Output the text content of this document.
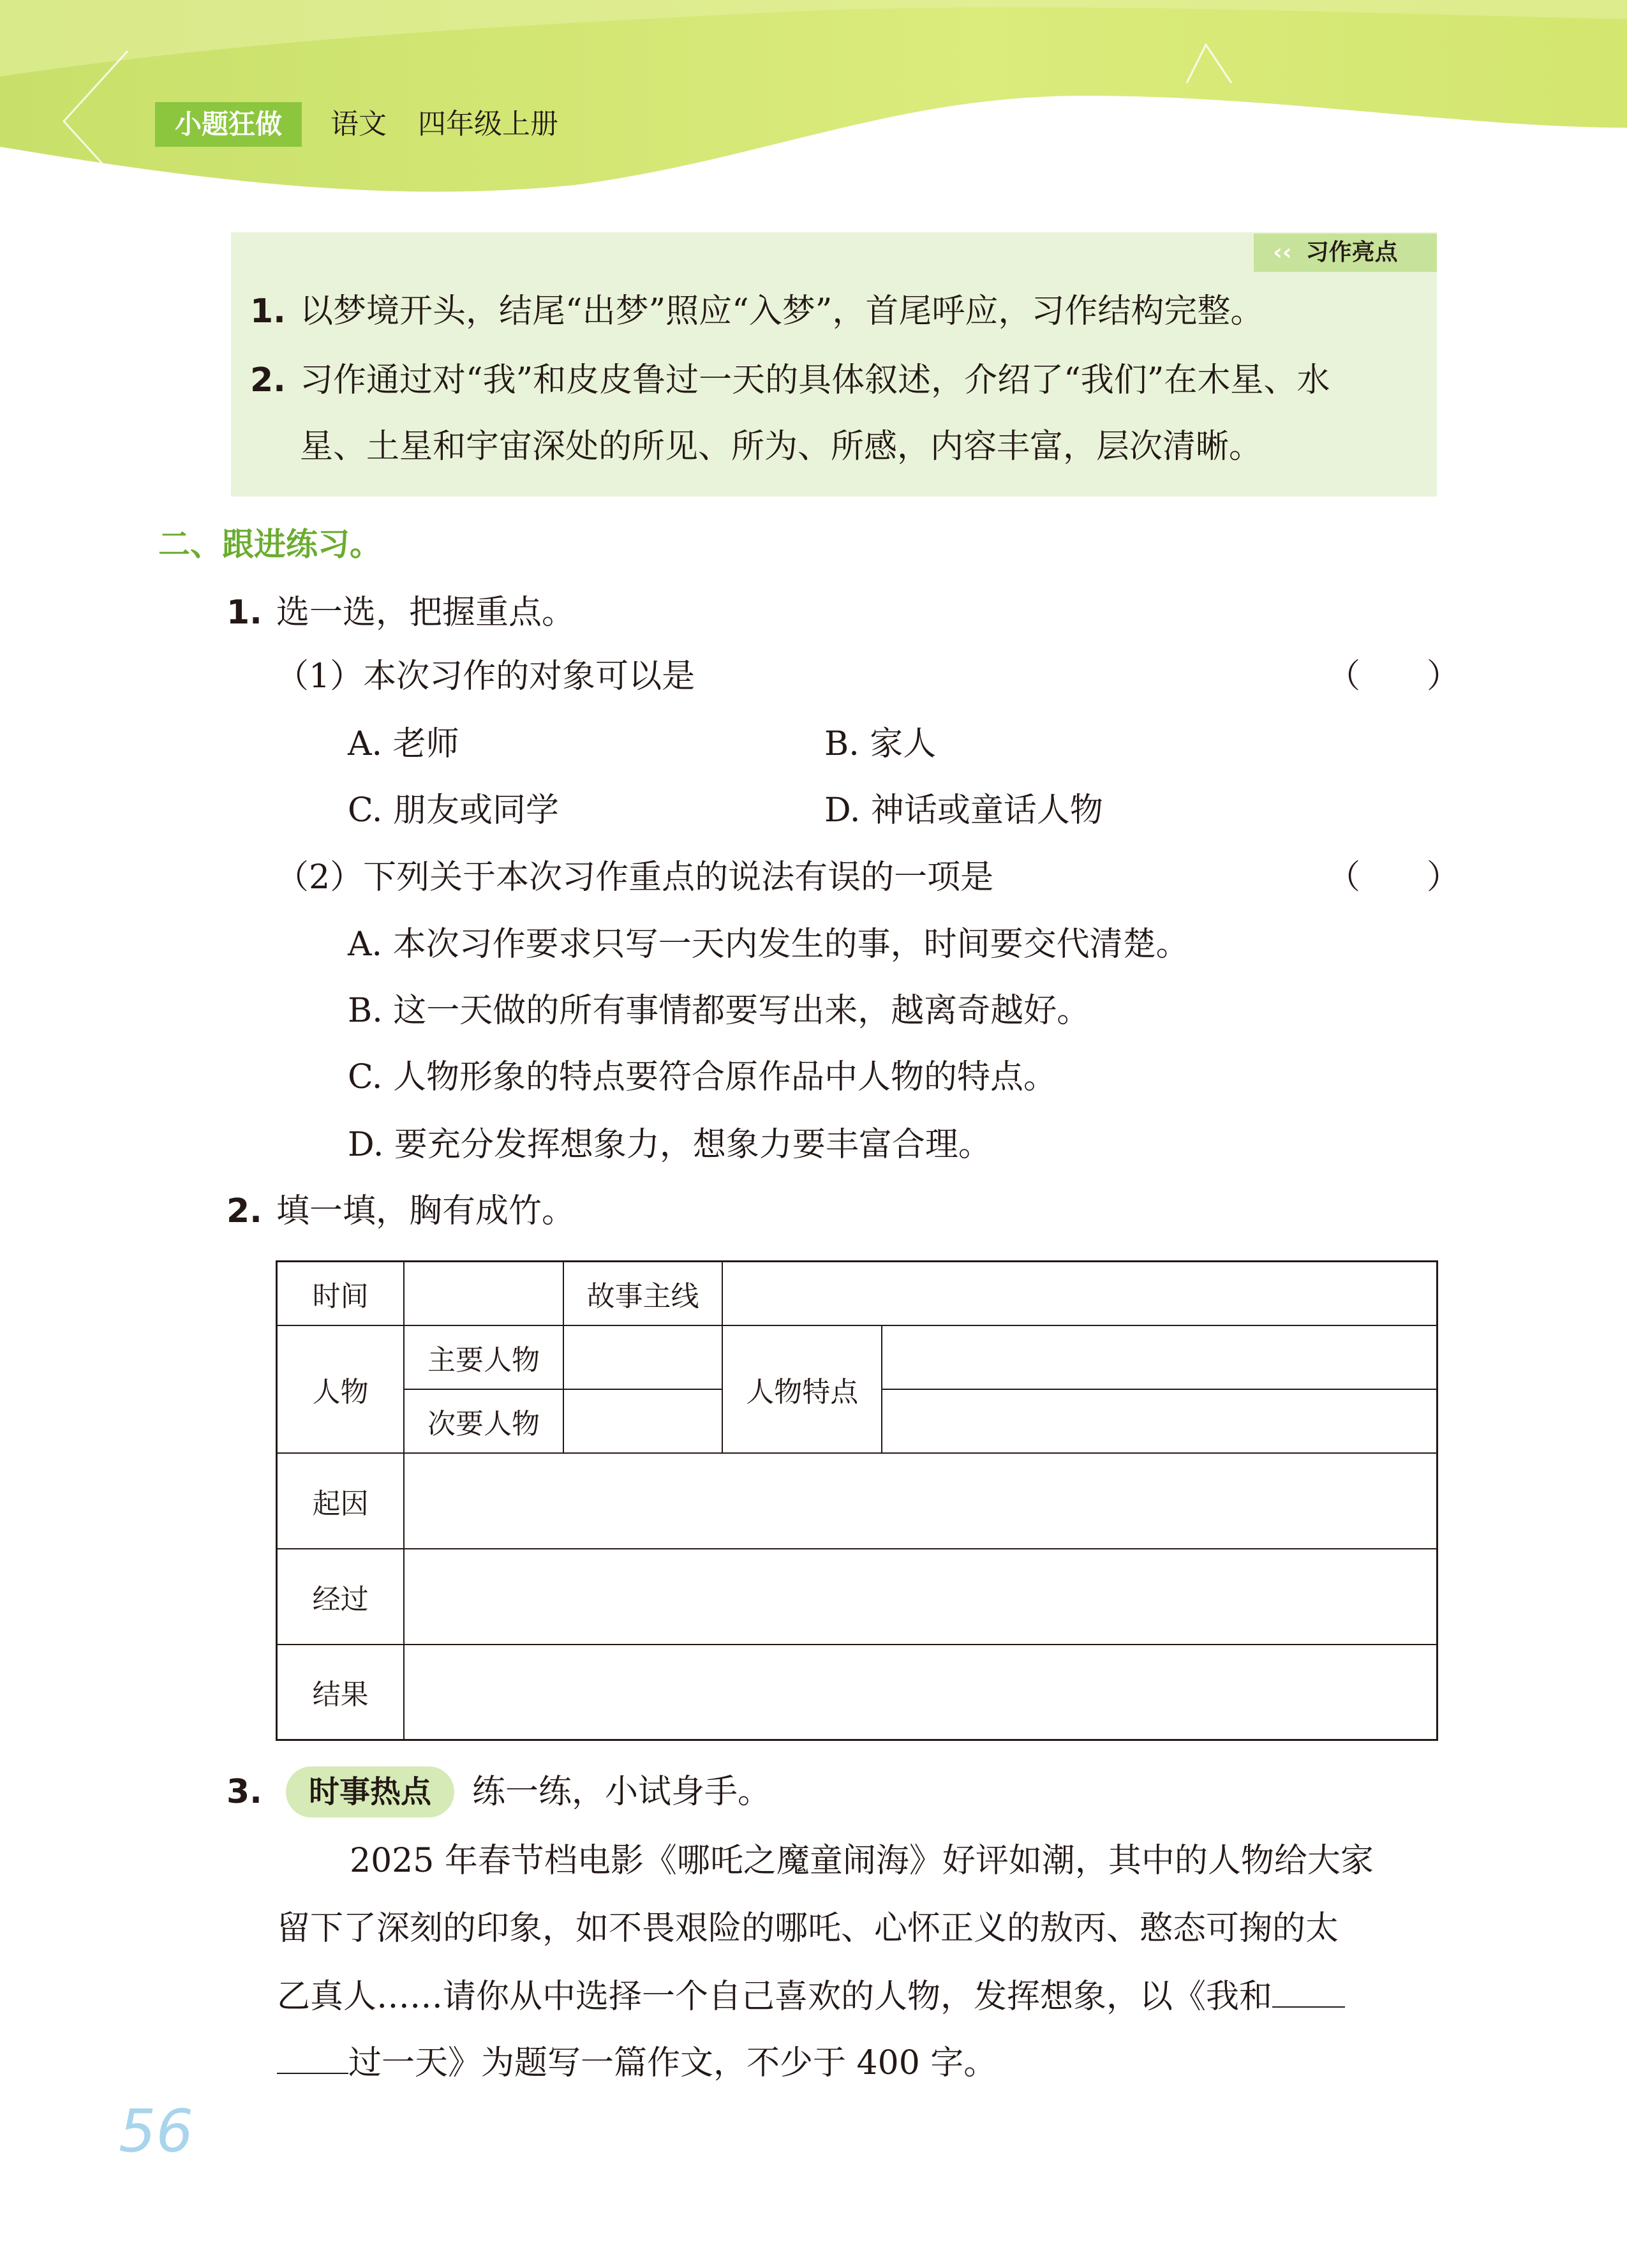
小题狂做	语文 四年级上册
‹‹ 习作亮点
1. 以梦境开头，结尾“出梦”照应“入梦”，首尾呼应，习作结构完整。
2. 习作通过对“我”和皮皮鲁过一天的具体叙述，介绍了“我们”在木星、水
星、土星和宇宙深处的所见、所为、所感，内容丰富，层次清晰。
二、跟进练习。
1. 选一选，把握重点。
（1）本次习作的对象可以是	（　　）
A. 老师	B. 家人
C. 朋友或同学	D. 神话或童话人物
（2）下列关于本次习作重点的说法有误的一项是	（　　）
A. 本次习作要求只写一天内发生的事，时间要交代清楚。
B. 这一天做的所有事情都要写出来，越离奇越好。
C. 人物形象的特点要符合原作品中人物的特点。
D. 要充分发挥想象力，想象力要丰富合理。
2. 填一填，胸有成竹。
时间		故事主线		
人物	主要人物		人物特点	
	次要人物			
起因				
经过				
结果				
3.	时事热点	练一练，小试身手。
2025 年春节档电影《哪吒之魔童闹海》好评如潮，其中的人物给大家
留下了深刻的印象，如不畏艰险的哪吒、心怀正义的敖丙、憨态可掬的太
乙真人……请你从中选择一个自己喜欢的人物，发挥想象，以《我和
过一天》为题写一篇作文，不少于 400 字。
56
